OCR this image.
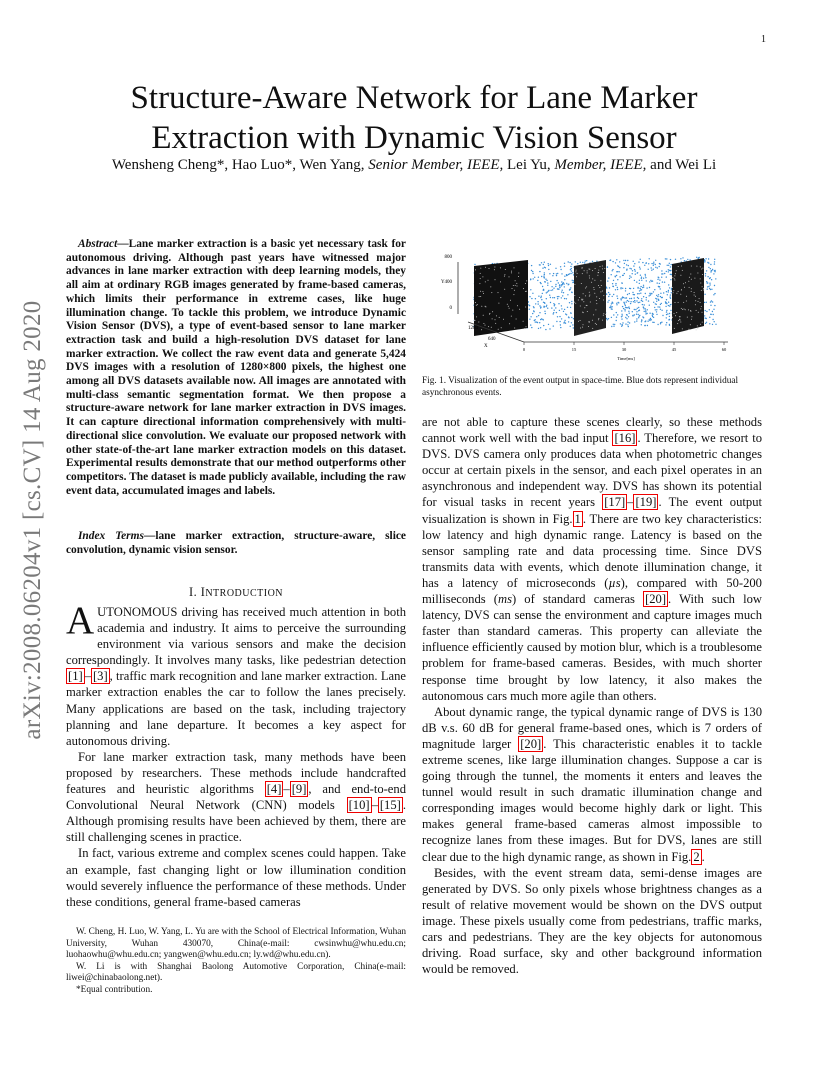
1
arXiv:2008.06204v1 [cs.CV] 14 Aug 2020
Structure-Aware Network for Lane Marker
Extraction with Dynamic Vision Sensor
Wensheng Cheng*, Hao Luo*, Wen Yang, Senior Member, IEEE, Lei Yu, Member, IEEE, and Wei Li
Abstract—Lane marker extraction is a basic yet necessary task for autonomous driving. Although past years have witnessed major advances in lane marker extraction with deep learning models, they all aim at ordinary RGB images generated by frame-based cameras, which limits their performance in extreme cases, like huge illumination change. To tackle this problem, we introduce Dynamic Vision Sensor (DVS), a type of event-based sensor to lane marker extraction task and build a high-resolution DVS dataset for lane marker extraction. We collect the raw event data and generate 5,424 DVS images with a resolution of 1280×800 pixels, the highest one among all DVS datasets available now. All images are annotated with multi-class semantic segmentation format. We then propose a structure-aware network for lane marker extraction in DVS images. It can capture directional information comprehensively with multi-directional slice convolution. We evaluate our proposed network with other state-of-the-art lane marker extraction models on this dataset. Experimental results demonstrate that our method outperforms other competitors. The dataset is made publicly available, including the raw event data, accumulated images and labels.
Index Terms—lane marker extraction, structure-aware, slice convolution, dynamic vision sensor.
I. INTRODUCTION

AUTONOMOUS driving has received much attention in both academia and industry. It aims to perceive the surrounding environment via various sensors and make the decision correspondingly. It involves many tasks, like pedestrian detection [1] – [3] , traffic mark recognition and lane marker extraction. Lane marker extraction enables the car to follow the lanes precisely. Many applications are based on the task, including trajectory planning and lane departure. It becomes a key aspect for autonomous driving.

For lane marker extraction task, many methods have been proposed by researchers. These methods include handcrafted features and heuristic algorithms [4] – [9] , and end-to-end Convolutional Neural Network (CNN) models [10] – [15] . Although promising results have been achieved by them, there are still challenging scenes in practice.

In fact, various extreme and complex scenes could happen. Take an example, fast changing light or low illumination condition would severely influence the performance of these methods. Under these conditions, general frame-based cameras

W. Cheng, H. Luo, W. Yang, L. Yu are with the School of Electrical Information, Wuhan University, Wuhan 430070, China(e-mail: cwsinwhu@whu.edu.cn; luohaowhu@whu.edu.cn; yangwen@whu.edu.cn; ly.wd@whu.edu.cn).

W. Li is with Shanghai Baolong Automotive Corporation, China(e-mail: liwei@chinabaolong.net).

*Equal contribution.

800
400
0
Y
1280
640
X
0	15	30	45	60
Time[ms]
Fig. 1. Visualization of the event output in space-time. Blue dots represent individual asynchronous events.

are not able to capture these scenes clearly, so these methods cannot work well with the bad input [16] . Therefore, we resort to DVS. DVS camera only produces data when photometric changes occur at certain pixels in the sensor, and each pixel operates in an asynchronous and independent way. DVS has shown its potential for visual tasks in recent years [17] – [19] . The event output visualization is shown in Fig. 1 . There are two key characteristics: low latency and high dynamic range. Latency is based on the sensor sampling rate and data processing time. Since DVS transmits data with events, which denote illumination change, it has a latency of microseconds (µs), compared with 50-200 milliseconds (ms) of standard cameras [20] . With such low latency, DVS can sense the environment and capture images much faster than standard cameras. This property can alleviate the influence efficiently caused by motion blur, which is a troublesome problem for frame-based cameras. Besides, with much shorter response time brought by low latency, it also makes the autonomous cars much more agile than others.

About dynamic range, the typical dynamic range of DVS is 130 dB v.s. 60 dB for general frame-based ones, which is 7 orders of magnitude larger [20] . This characteristic enables it to tackle extreme scenes, like large illumination changes. Suppose a car is going through the tunnel, the moments it enters and leaves the tunnel would result in such dramatic illumination change and corresponding images would become highly dark or light. This makes general frame-based cameras almost impossible to recognize lanes from these images. But for DVS, lanes are still clear due to the high dynamic range, as shown in Fig. 2 .

Besides, with the event stream data, semi-dense images are generated by DVS. So only pixels whose brightness changes as a result of relative movement would be shown on the DVS output image. These pixels usually come from pedestrians, traffic marks, cars and pedestrians. They are the key objects for autonomous driving. Road surface, sky and other background information would be removed.
